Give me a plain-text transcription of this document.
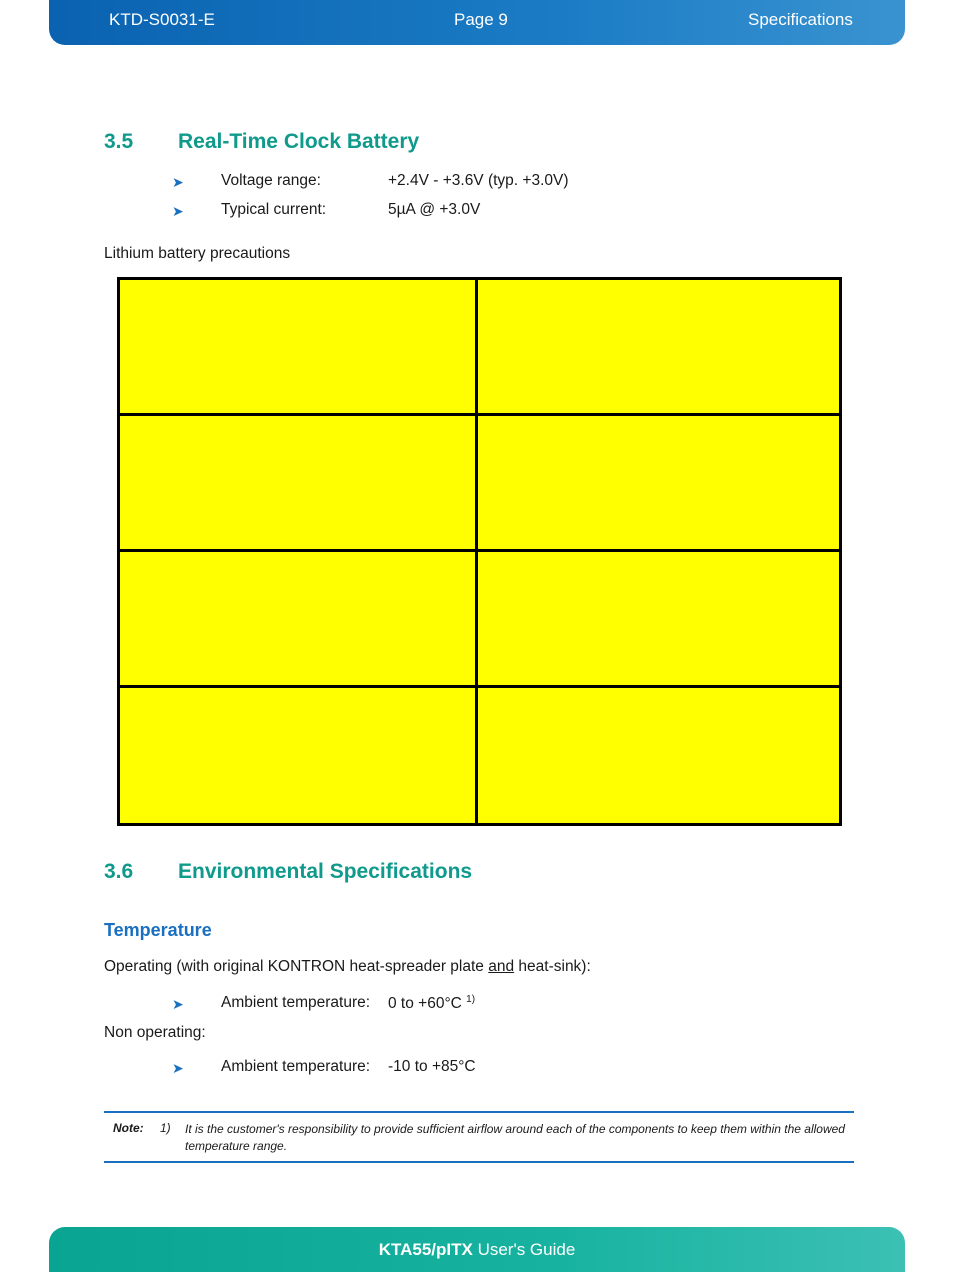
KTD-S0031-E	Page 9	Specifications
3.5 Real-Time Clock Battery
➤ Voltage range:	+2.4V - +3.6V (typ. +3.0V)
➤ Typical current:	5µA @ +3.0V
Lithium battery precautions
3.6 Environmental Specifications
Temperature
Operating (with original KONTRON heat-spreader plate and heat-sink):
➤ Ambient temperature: 0 to +60°C $^{1)}$
Non operating:
➤ Ambient temperature: -10 to +85°C
Note: 1) It is the customer's responsibility to provide sufficient airflow around each of the components to keep them within the allowed temperature range.
KTA55/pITX User's Guide
